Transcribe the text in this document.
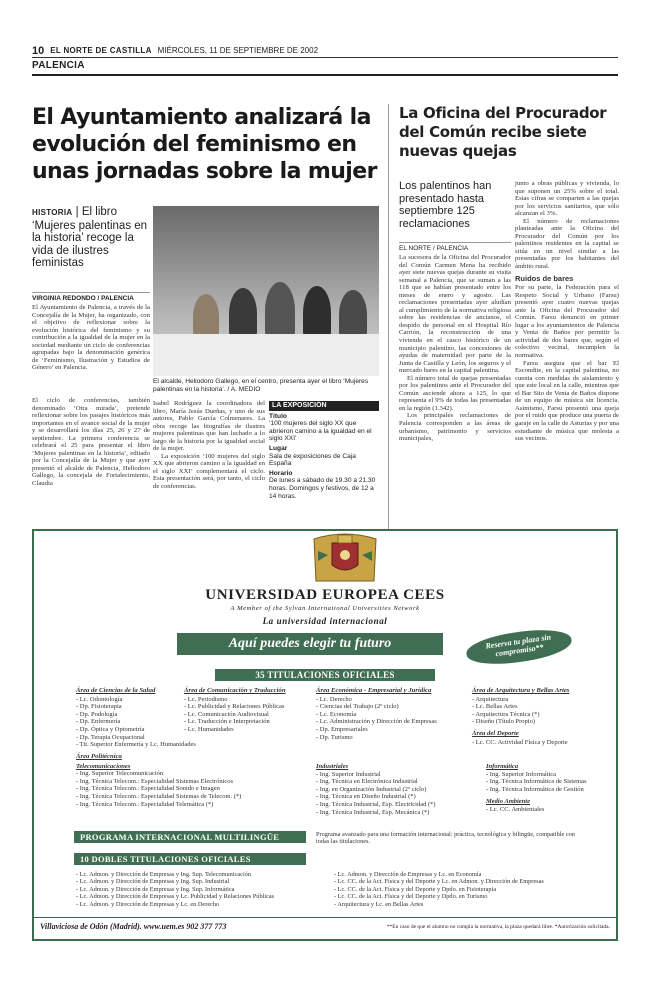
10 EL NORTE DE CASTILLA MIÉRCOLES, 11 DE SEPTIEMBRE DE 2002
PALENCIA
El Ayuntamiento analizará la evolución del feminismo en unas jornadas sobre la mujer
HISTORIA | El libro ‘Mujeres palentinas en la historia’ recoge la vida de ilustres feministas
VIRGINIA REDONDO / PALENCIA

El Ayuntamiento de Palencia, a través de la Concejalía de la Mujer, ha organizado, con el objetivo de reflexionar sobre la evolución histórica del feminismo y su contribución a la igualdad de la mujer en la sociedad mediante un ciclo de conferencias agrupadas bajo la denominación genérica de ‘Feminismo, Ilustración y Estudios de Género’ en Palencia.

El ciclo de conferencias, también denominado ‘Otra mirada’, pretende reflexionar sobre los pasajes históricos más importantes en el avance social de la mujer y se desarrollará los días 25, 26 y 27 de septiembre. La primera conferencia se celebrará el 25 para presentar el libro ‘Mujeres palentinas en la historia’, editado por la Concejalía de la Mujer y que ayer presentó el alcalde de Palencia, Heliodoro Gallego, la concejala de Fortalecimiento, Claudia

El alcalde, Heliodoro Gallego, en el centro, presenta ayer el libro ‘Mujeres palentinas en la historia’. / A. MEDIO

Isabel Rodríguez la coordinadora del libro, María Jesús Dueñas, y uno de sus autores, Pablo García Colmenares. La obra recoge las biografías de ilustres mujeres palentinas que han luchado a lo largo de la historia por la igualdad social de la mujer.

La exposición ‘100 mujeres del siglo XX que abrieron camino a la igualdad en el siglo XXI’ complementará el ciclo. Esta presentación será, por tanto, el ciclo de conferencias.

LA EXPOSICIÓN
Título
‘100 mujeres del siglo XX que abrieron camino a la igualdad en el siglo XXI’
Lugar
Sala de exposiciones de Caja España
Horario
De lunes a sábado de 19.30 a 21.30 horas. Domingos y festivos, de 12 a 14 horas.
La Oficina del Procurador del Común recibe siete nuevas quejas
Los palentinos han presentado hasta septiembre 125 reclamaciones
EL NORTE / PALENCIA

La sucesora de la Oficina del Procurador del Común Carmen Mena ha recibido ayer siete nuevas quejas durante su visita semanal a Palencia, que se suman a las 118 que se habían presentado entre los meses de enero y agosto. Las reclamaciones presentadas ayer aludían al cumplimiento de la normativa religiosa sobre las residencias de ancianos, el despido de personal en el Hospital Río Carrión, la reconstrucción de una vivienda en el casco histórico de un municipio palentino, las concesiones de ayudas de maternidad por parte de la Junta de Castilla y León, los seguros y el mercado bares en la capital palentina.

El número total de quejas presentadas por los palentinos ante el Procurador del Común asciende ahora a 125, lo que representa el 9% de todas las presentadas en la región (1.342).

Los principales reclamaciones de Palencia corresponden a las áreas de urbanismo, patrimonio y servicios municipales,

junto a obras públicas y vivienda, lo que suponen un 25% sobre el total. Estas cifras se comparten a las quejas por los servicios sanitarios, que sólo alcanzan el 3%.

El número de reclamaciones planteadas ante la Oficina del Procurador del Común por los palentinos residentes en la capital se sitúa en un nivel similar a las presentadas por los habitantes del ámbito rural.

Ruidos de bares

Por su parte, la Federación para el Respeto Social y Urbano (Farsu) presentó ayer cuatro nuevas quejas ante la Oficina del Procurador del Común. Farsu denunció en primer lugar a los ayuntamientos de Palencia y Venta de Baños por permitir la actividad de dos bares que, según el colectivo vecinal, incumplen la normativa.

Farsu asegura que el bar El Escondite, en la capital palentina, no cuenta con medidas de aislamiento y que este local en la calle, mientras que el Bar Sito de Venta de Baños dispone de un equipo de música sin licencia. Asimismo, Farsu presentó una queja por el ruido que produce una puerta de garaje en la calle de Asturias y por una estudiante de música que molesta a sus vecinos.

UNIVERSIDAD EUROPEA CEES
A Member of the Sylvan International Universities Network
La universidad internacional
Aquí puedes elegir tu futuro	Reserva tu plaza sin compromiso**
35 TITULACIONES OFICIALES
Área de Ciencias de la Salud
- Lc. Odontología
- Dp. Fisioterapia
- Dp. Podología
- Dp. Enfermería
- Dp. Óptica y Optometría
- Dp. Terapia Ocupacional
- Tit. Superior Enfermería y Lc. Humanidades
Área de Comunicación y Traducción
- Lc. Periodismo
- Lc. Publicidad y Relaciones Públicas
- Lc. Comunicación Audiovisual
- Lc. Traducción e Interpretación
- Lc. Humanidades
Área Económica - Empresarial y Jurídica
- Lc. Derecho
- Ciencias del Trabajo (2º ciclo)
- Lc. Economía
- Lc. Administración y Dirección de Empresas
- Dp. Empresariales
- Dp. Turismo
Área de Arquitectura y Bellas Artes
- Arquitectura
- Lc. Bellas Artes
- Arquitectura Técnica (*)
- Diseño (Título Propio)
Área del Deporte
- Lc. CC. Actividad Física y Deporte
Área Politécnica
Telecomunicaciones
- Ing. Superior Telecomunicación
- Ing. Técnica Telecom.: Especialidad Sistemas Electrónicos
- Ing. Técnica Telecom.: Especialidad Sonido e Imagen
- Ing. Técnica Telecom.: Especialidad Sistemas de Telecom. (*)
- Ing. Técnica Telecom.: Especialidad Telemática (*)
Industriales
- Ing. Superior Industrial
- Ing. Técnica en Electrónica Industrial
- Ing. en Organización Industrial (2º ciclo)
- Ing. Técnica en Diseño Industrial (*)
- Ing. Técnica Industrial, Esp. Electricidad (*)
- Ing. Técnica Industrial, Esp. Mecánica (*)
Informática
- Ing. Superior Informática
- Ing. Técnica Informática de Sistemas
- Ing. Técnica Informática de Gestión
Medio Ambiente
- Lc. CC. Ambientales
PROGRAMA INTERNACIONAL MULTILINGÜE	Programa avanzado para una formación internacional: práctica, tecnológica y bilingüe, compatible con todas las titulaciones.
10 DOBLES TITULACIONES OFICIALES
- Lc. Admon. y Dirección de Empresas y Ing. Sup. Telecomunicación
- Lc. Admon. y Dirección de Empresas y Ing. Sup. Industrial
- Lc. Admon. y Dirección de Empresas y Ing. Sup. Informática
- Lc. Admon. y Dirección de Empresas y Lc. Publicidad y Relaciones Públicas
- Lc. Admon. y Dirección de Empresas y Lc. en Derecho
- Lc. Admon. y Dirección de Empresas y Lc. en Economía
- Lc. CC. de la Act. Física y del Deporte y Lc. en Admon. y Dirección de Empresas
- Lc. CC. de la Act. Física y del Deporte y Dpdo. en Fisioterapia
- Lc. CC. de la Act. Física y del Deporte y Dpdo. en Turismo
- Arquitectura y Lc. en Bellas Artes
Villaviciosa de Odón (Madrid). www.uem.es 902 377 773	**En caso de que el alumno no cumpla la normativa, la plaza quedará libre. *Autorización solicitada.
